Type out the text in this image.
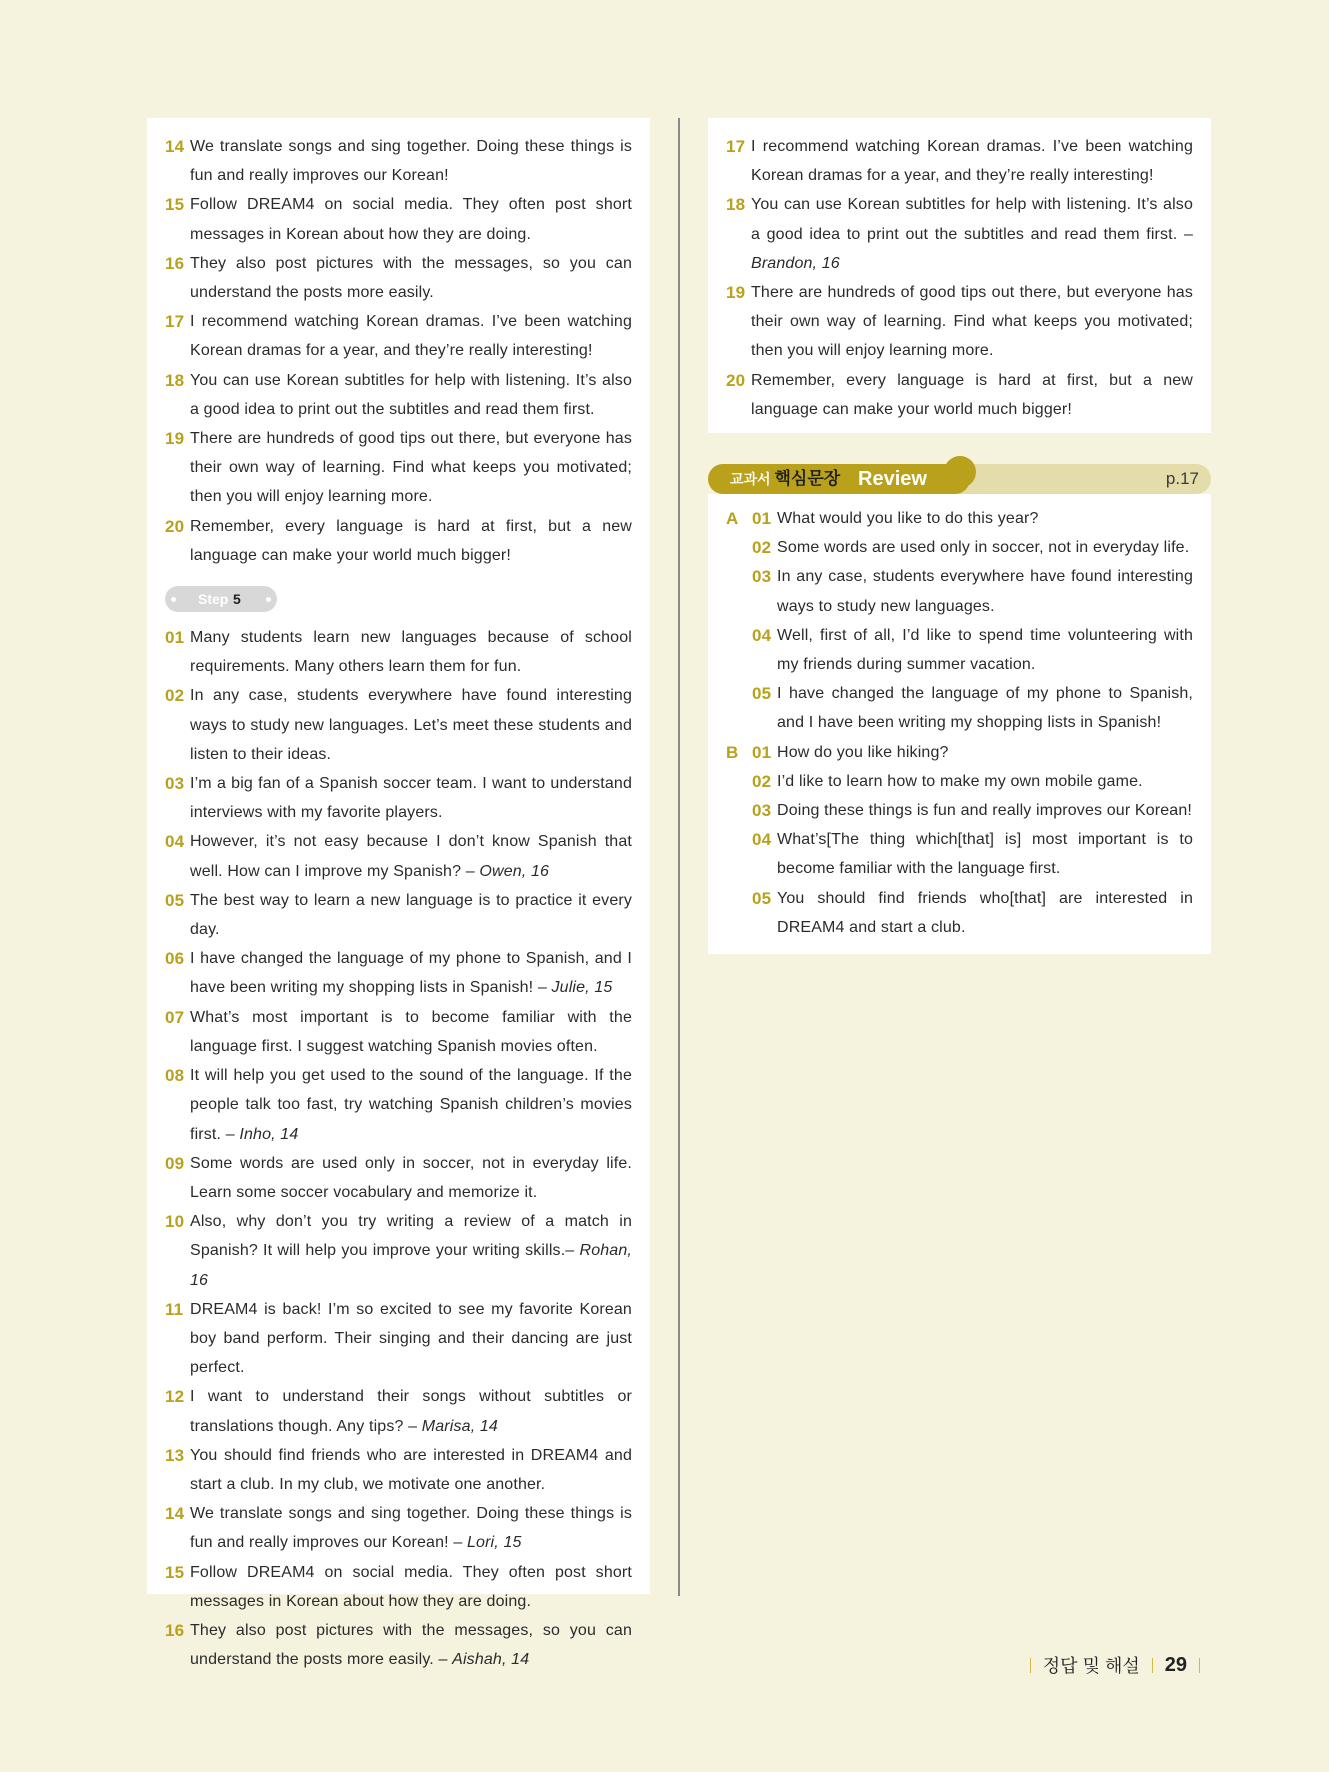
14 We translate songs and sing together. Doing these things is fun and really improves our Korean!
15 Follow DREAM4 on social media. They often post short messages in Korean about how they are doing.
16 They also post pictures with the messages, so you can understand the posts more easily.
17 I recommend watching Korean dramas. I’ve been watching Korean dramas for a year, and they’re really interesting!
18 You can use Korean subtitles for help with listening. It’s also a good idea to print out the subtitles and read them first.
19 There are hundreds of good tips out there, but everyone has their own way of learning. Find what keeps you motivated; then you will enjoy learning more.
20 Remember, every language is hard at first, but a new language can make your world much bigger!
Step 5
01 Many students learn new languages because of school requirements. Many others learn them for fun.
02 In any case, students everywhere have found interesting ways to study new languages. Let’s meet these students and listen to their ideas.
03 I’m a big fan of a Spanish soccer team. I want to understand interviews with my favorite players.
04 However, it’s not easy because I don’t know Spanish that well. How can I improve my Spanish? – Owen, 16
05 The best way to learn a new language is to practice it every day.
06 I have changed the language of my phone to Spanish, and I have been writing my shopping lists in Spanish! – Julie, 15
07 What’s most important is to become familiar with the language first. I suggest watching Spanish movies often.
08 It will help you get used to the sound of the language. If the people talk too fast, try watching Spanish children’s movies first. – Inho, 14
09 Some words are used only in soccer, not in everyday life. Learn some soccer vocabulary and memorize it.
10 Also, why don’t you try writing a review of a match in Spanish? It will help you improve your writing skills.– Rohan, 16
11 DREAM4 is back! I’m so excited to see my favorite Korean boy band perform. Their singing and their dancing are just perfect.
12 I want to understand their songs without subtitles or translations though. Any tips? – Marisa, 14
13 You should find friends who are interested in DREAM4 and start a club. In my club, we motivate one another.
14 We translate songs and sing together. Doing these things is fun and really improves our Korean! – Lori, 15
15 Follow DREAM4 on social media. They often post short messages in Korean about how they are doing.
16 They also post pictures with the messages, so you can understand the posts more easily. – Aishah, 14
17 I recommend watching Korean dramas. I’ve been watching Korean dramas for a year, and they’re really interesting!
18 You can use Korean subtitles for help with listening. It’s also a good idea to print out the subtitles and read them first. – Brandon, 16
19 There are hundreds of good tips out there, but everyone has their own way of learning. Find what keeps you motivated; then you will enjoy learning more.
20 Remember, every language is hard at first, but a new language can make your world much bigger!
교과서 핵심문장 Review	p.17
A 01 What would you like to do this year?
02 Some words are used only in soccer, not in everyday life.
03 In any case, students everywhere have found interesting ways to study new languages.
04 Well, first of all, I’d like to spend time volunteering with my friends during summer vacation.
05 I have changed the language of my phone to Spanish, and I have been writing my shopping lists in Spanish!
B 01 How do you like hiking?
02 I’d like to learn how to make my own mobile game.
03 Doing these things is fun and really improves our Korean!
04 What’s[The thing which[that] is] most important is to become familiar with the language first.
05 You should find friends who[that] are interested in DREAM4 and start a club.
정답 및 해설 29
